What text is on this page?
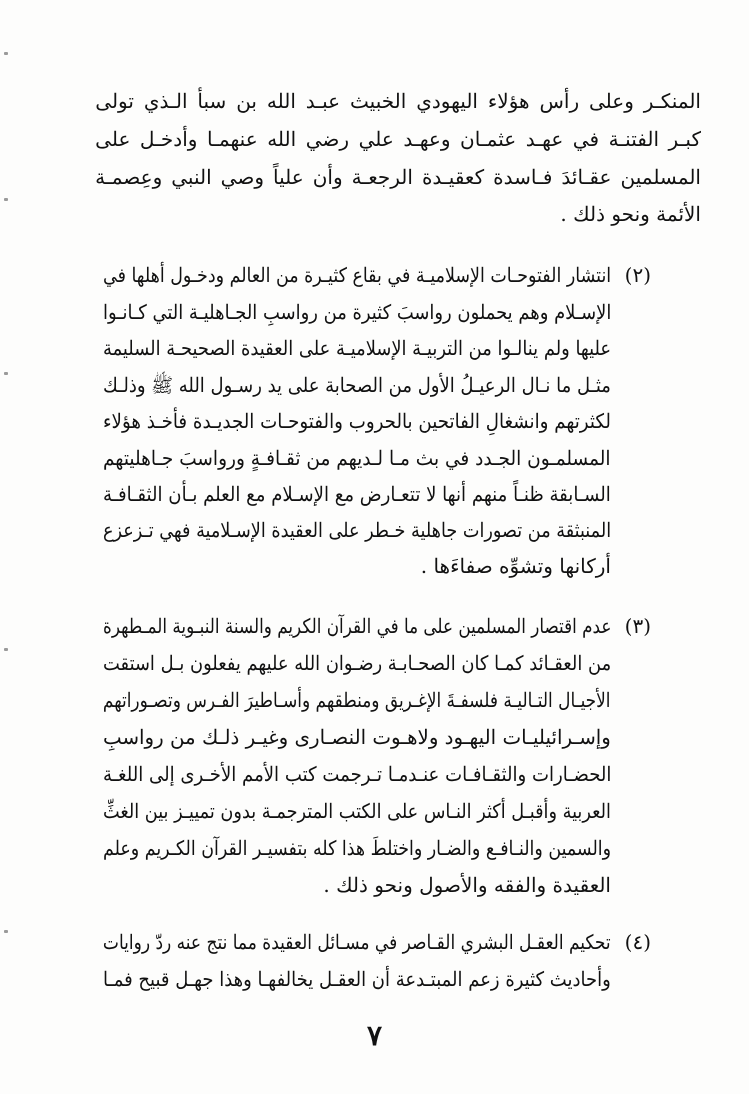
المنكـر وعلى رأس هؤلاء اليهودي الخبيث عبـد الله بن سبأ الـذي تولى
كبـر الفتنـة في عهـد عثمـان وعهـد علي رضي الله عنهمـا وأدخـل على
المسلمين عقـائدَ فـاسدة كعقيـدة الرجعـة وأن علياً وصي النبي وعِصمـة
الأئمة ونحو ذلك .
(٢)
انتشار الفتوحـات الإسلاميـة في بقاع كثيـرة من العالم ودخـول أهلها في
الإسـلام وهم يحملون رواسبَ كثيرة من رواسبِ الجـاهليـة التي كـانـوا
عليها ولم ينالـوا من التربيـة الإسلاميـة على العقيدة الصحيحـة السليمة
مثـل ما نـال الرعيـلُ الأول من الصحابة على يد رسـول الله ﷺ وذلـك
لكثرتهم وانشغالِ الفاتحين بالحروب والفتوحـات الجديـدة فأخـذ هؤلاء
المسلمـون الجـدد في بث مـا لـديهم من ثقـافـةٍ ورواسبَ جـاهليتهم
السـابقة ظنـاً منهم أنها لا تتعـارض مع الإسـلام مع العلم بـأن الثقـافـة
المنبثقة من تصورات جاهلية خـطر على العقيدة الإسـلامية فهي تـزعزع
أركانها وتشوِّه صفاءَها .
(٣)
عدم اقتصار المسلمين على ما في القرآن الكريم والسنة النبـوية المـطهرة
من العقـائد كمـا كان الصحـابـة رضـوان الله عليهم يفعلون بـل استقت
الأجيـال التـاليـة فلسفـةَ الإغـريق ومنطقهم وأسـاطيرَ الفـرس وتصـوراتهم
وإسـرائيليـات اليهـود ولاهـوت النصـارى وغيـر ذلـك من رواسبِ
الحضـارات والثقـافـات عنـدمـا تـرجمت كتب الأمم الأخـرى إلى اللغـة
العربية وأقبـل أكثر النـاس على الكتب المترجمـة بدون تمييـز بين الغثِّ
والسمين والنـافـع والضـار واختلطَ هذا كله بتفسيـر القرآن الكـريم وعلم
العقيدة والفقه والأصول ونحو ذلك .
(٤)
تحكيم العقـل البشري القـاصر في مسـائل العقيدة مما نتج عنه ردّ روايات
وأحاديث كثيرة زعم المبتـدعة أن العقـل يخالفهـا وهذا جهـل قبيح فمـا
٧
